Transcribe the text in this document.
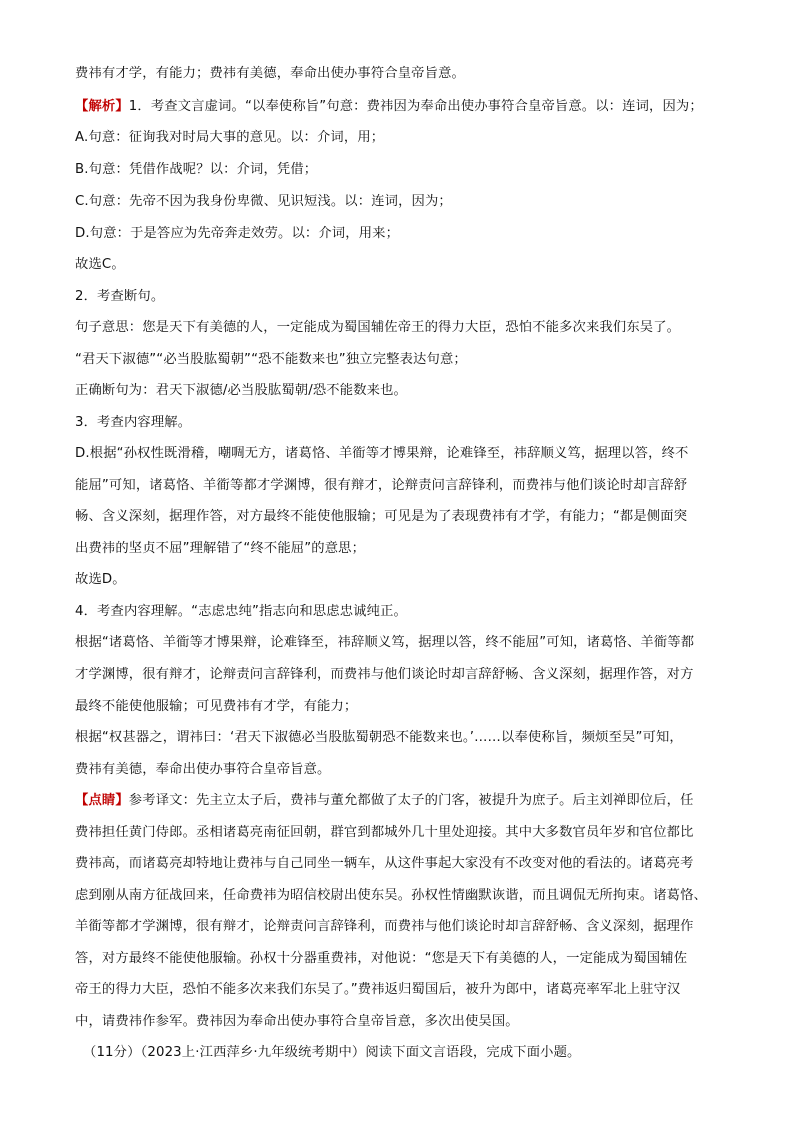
费祎有才学，有能力；费祎有美德，奉命出使办事符合皇帝旨意。
【解析】1．考查文言虚词。“以奉使称旨”句意：费祎因为奉命出使办事符合皇帝旨意。以：连词，因为；
A.句意：征询我对时局大事的意见。以：介词，用；
B.句意：凭借作战呢？以：介词，凭借；
C.句意：先帝不因为我身份卑微、见识短浅。以：连词，因为；
D.句意：于是答应为先帝奔走效劳。以：介词，用来；
故选C。
2．考查断句。
句子意思：您是天下有美德的人，一定能成为蜀国辅佐帝王的得力大臣，恐怕不能多次来我们东吴了。
“君天下淑德”“必当股肱蜀朝”“恐不能数来也”独立完整表达句意；
正确断句为：君天下淑德/必当股肱蜀朝/恐不能数来也。
3．考查内容理解。
D.根据“孙权性既滑稽，嘲啁无方，诸葛恪、羊衜等才博果辩，论难锋至，祎辞顺义笃，据理以答，终不
能屈”可知，诸葛恪、羊衜等都才学渊博，很有辩才，论辩责问言辞锋利，而费祎与他们谈论时却言辞舒
畅、含义深刻，据理作答，对方最终不能使他服输；可见是为了表现费祎有才学，有能力；“都是侧面突
出费祎的坚贞不屈”理解错了“终不能屈”的意思；
故选D。
4．考查内容理解。“志虑忠纯”指志向和思虑忠诚纯正。
根据“诸葛恪、羊衜等才博果辩，论难锋至，祎辞顺义笃，据理以答，终不能屈”可知，诸葛恪、羊衜等都
才学渊博，很有辩才，论辩责问言辞锋利，而费祎与他们谈论时却言辞舒畅、含义深刻，据理作答，对方
最终不能使他服输；可见费祎有才学，有能力；
根据“权甚器之，谓祎曰：‘君天下淑德必当股肱蜀朝恐不能数来也。’……以奉使称旨，频烦至吴”可知，
费祎有美德，奉命出使办事符合皇帝旨意。
【点睛】参考译文：先主立太子后，费祎与董允都做了太子的门客，被提升为庶子。后主刘禅即位后，任
费祎担任黄门侍郎。丞相诸葛亮南征回朝，群官到都城外几十里处迎接。其中大多数官员年岁和官位都比
费祎高，而诸葛亮却特地让费祎与自己同坐一辆车，从这件事起大家没有不改变对他的看法的。诸葛亮考
虑到刚从南方征战回来，任命费祎为昭信校尉出使东吴。孙权性情幽默诙谐，而且调侃无所拘束。诸葛恪、
羊衜等都才学渊博，很有辩才，论辩责问言辞锋利，而费祎与他们谈论时却言辞舒畅、含义深刻，据理作
答，对方最终不能使他服输。孙权十分器重费祎，对他说：“您是天下有美德的人，一定能成为蜀国辅佐
帝王的得力大臣，恐怕不能多次来我们东吴了。”费祎返归蜀国后，被升为郎中，诸葛亮率军北上驻守汉
中，请费祎作参军。费祎因为奉命出使办事符合皇帝旨意，多次出使吴国。
（11分）（2023上·江西萍乡·九年级统考期中）阅读下面文言语段，完成下面小题。
